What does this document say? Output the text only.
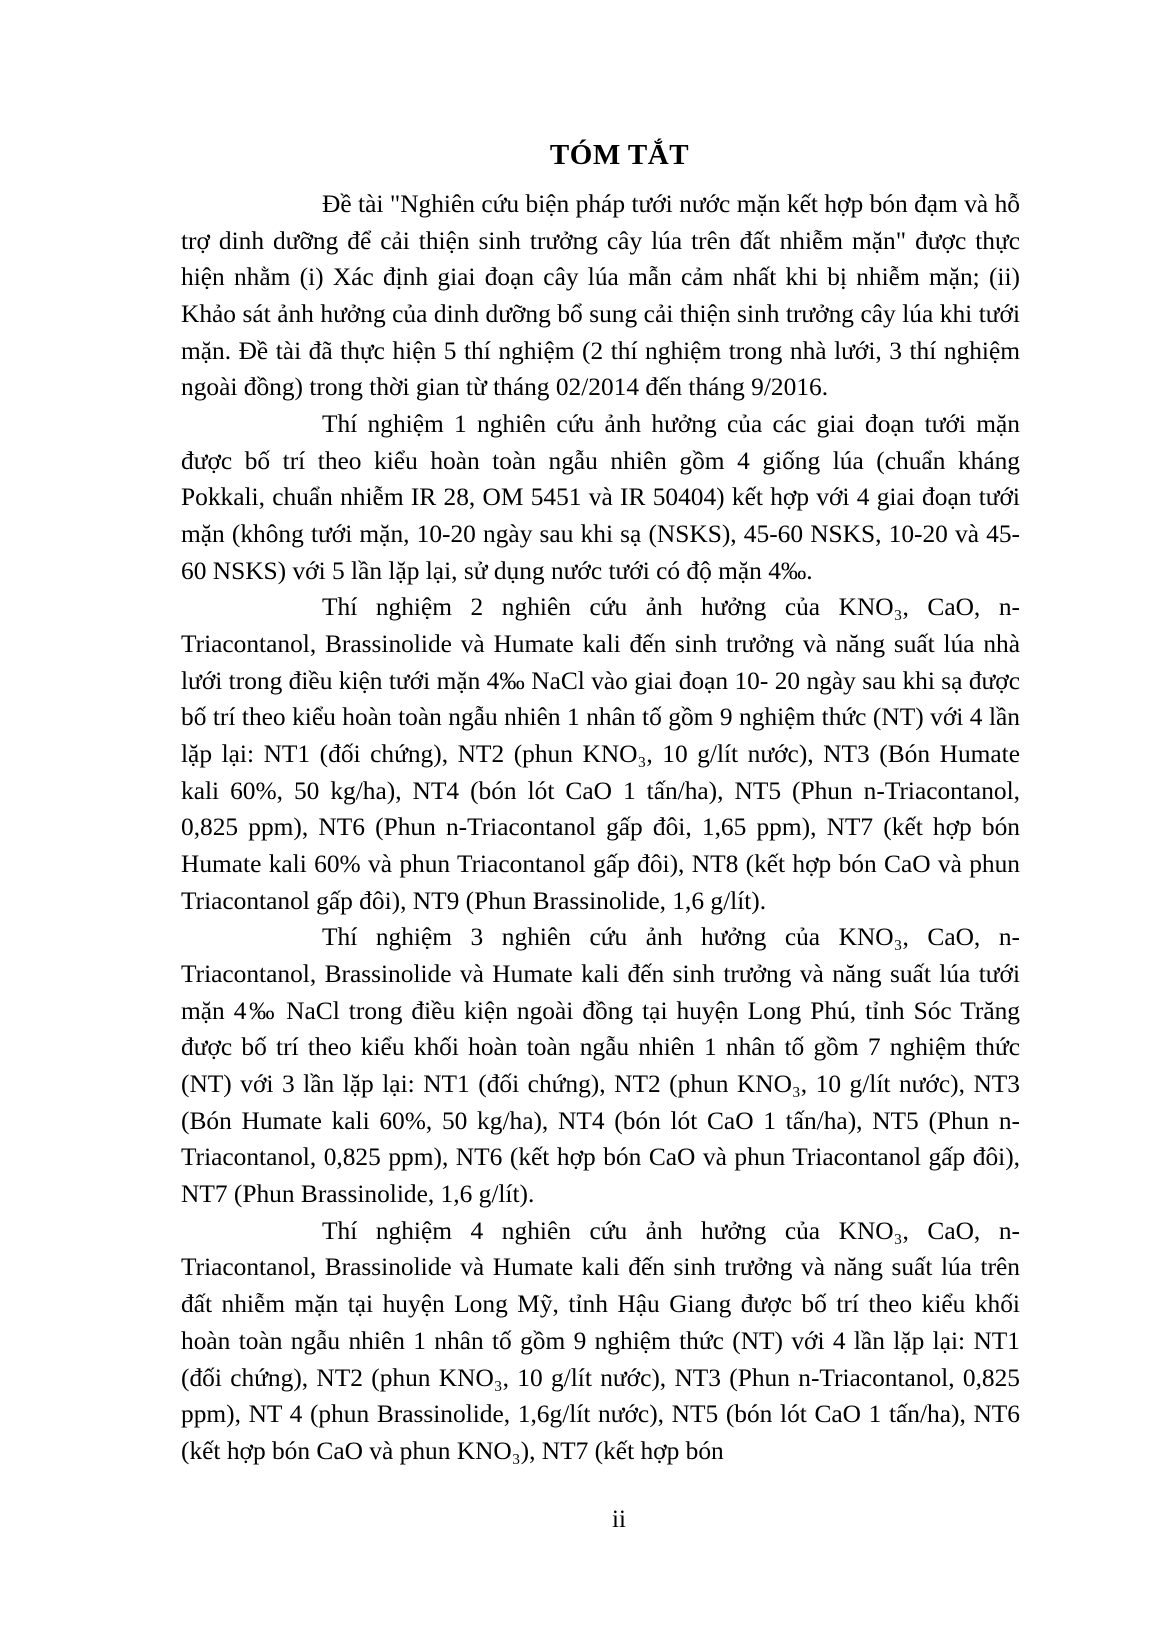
TÓM TẮT

Đề tài "Nghiên cứu biện pháp tưới nước mặn kết hợp bón đạm và hỗ trợ dinh dưỡng để cải thiện sinh trưởng cây lúa trên đất nhiễm mặn" được thực hiện nhằm (i) Xác định giai đoạn cây lúa mẫn cảm nhất khi bị nhiễm mặn; (ii) Khảo sát ảnh hưởng của dinh dưỡng bổ sung cải thiện sinh trưởng cây lúa khi tưới mặn. Đề tài đã thực hiện 5 thí nghiệm (2 thí nghiệm trong nhà lưới, 3 thí nghiệm ngoài đồng) trong thời gian từ tháng 02/2014 đến tháng 9/2016.

Thí nghiệm 1 nghiên cứu ảnh hưởng của các giai đoạn tưới mặn được bố trí theo kiểu hoàn toàn ngẫu nhiên gồm 4 giống lúa (chuẩn kháng Pokkali, chuẩn nhiễm IR 28, OM 5451 và IR 50404) kết hợp với 4 giai đoạn tưới mặn (không tưới mặn, 10-20 ngày sau khi sạ (NSKS), 45-60 NSKS, 10-20 và 45-60 NSKS) với 5 lần lặp lại, sử dụng nước tưới có độ mặn 4‰.

Thí nghiệm 2 nghiên cứu ảnh hưởng của KNO₃, CaO, n-Triacontanol, Brassinolide và Humate kali đến sinh trưởng và năng suất lúa nhà lưới trong điều kiện tưới mặn 4‰ NaCl vào giai đoạn 10- 20 ngày sau khi sạ được bố trí theo kiểu hoàn toàn ngẫu nhiên 1 nhân tố gồm 9 nghiệm thức (NT) với 4 lần lặp lại: NT1 (đối chứng), NT2 (phun KNO₃, 10 g/lít nước), NT3 (Bón Humate kali 60%, 50 kg/ha), NT4 (bón lót CaO 1 tấn/ha), NT5 (Phun n-Triacontanol, 0,825 ppm), NT6 (Phun n-Triacontanol gấp đôi, 1,65 ppm), NT7 (kết hợp bón Humate kali 60% và phun Triacontanol gấp đôi), NT8 (kết hợp bón CaO và phun Triacontanol gấp đôi), NT9 (Phun Brassinolide, 1,6 g/lít).

Thí nghiệm 3 nghiên cứu ảnh hưởng của KNO₃, CaO, n-Triacontanol, Brassinolide và Humate kali đến sinh trưởng và năng suất lúa tưới mặn 4‰ NaCl trong điều kiện ngoài đồng tại huyện Long Phú, tỉnh Sóc Trăng được bố trí theo kiểu khối hoàn toàn ngẫu nhiên 1 nhân tố gồm 7 nghiệm thức (NT) với 3 lần lặp lại: NT1 (đối chứng), NT2 (phun KNO₃, 10 g/lít nước), NT3 (Bón Humate kali 60%, 50 kg/ha), NT4 (bón lót CaO 1 tấn/ha), NT5 (Phun n-Triacontanol, 0,825 ppm), NT6 (kết hợp bón CaO và phun Triacontanol gấp đôi), NT7 (Phun Brassinolide, 1,6 g/lít).

Thí nghiệm 4 nghiên cứu ảnh hưởng của KNO₃, CaO, n-Triacontanol, Brassinolide và Humate kali đến sinh trưởng và năng suất lúa trên đất nhiễm mặn tại huyện Long Mỹ, tỉnh Hậu Giang được bố trí theo kiểu khối hoàn toàn ngẫu nhiên 1 nhân tố gồm 9 nghiệm thức (NT) với 4 lần lặp lại: NT1 (đối chứng), NT2 (phun KNO₃, 10 g/lít nước), NT3 (Phun n-Triacontanol, 0,825 ppm), NT 4 (phun Brassinolide, 1,6g/lít nước), NT5 (bón lót CaO 1 tấn/ha), NT6 (kết hợp bón CaO và phun KNO₃), NT7 (kết hợp bón

ii
